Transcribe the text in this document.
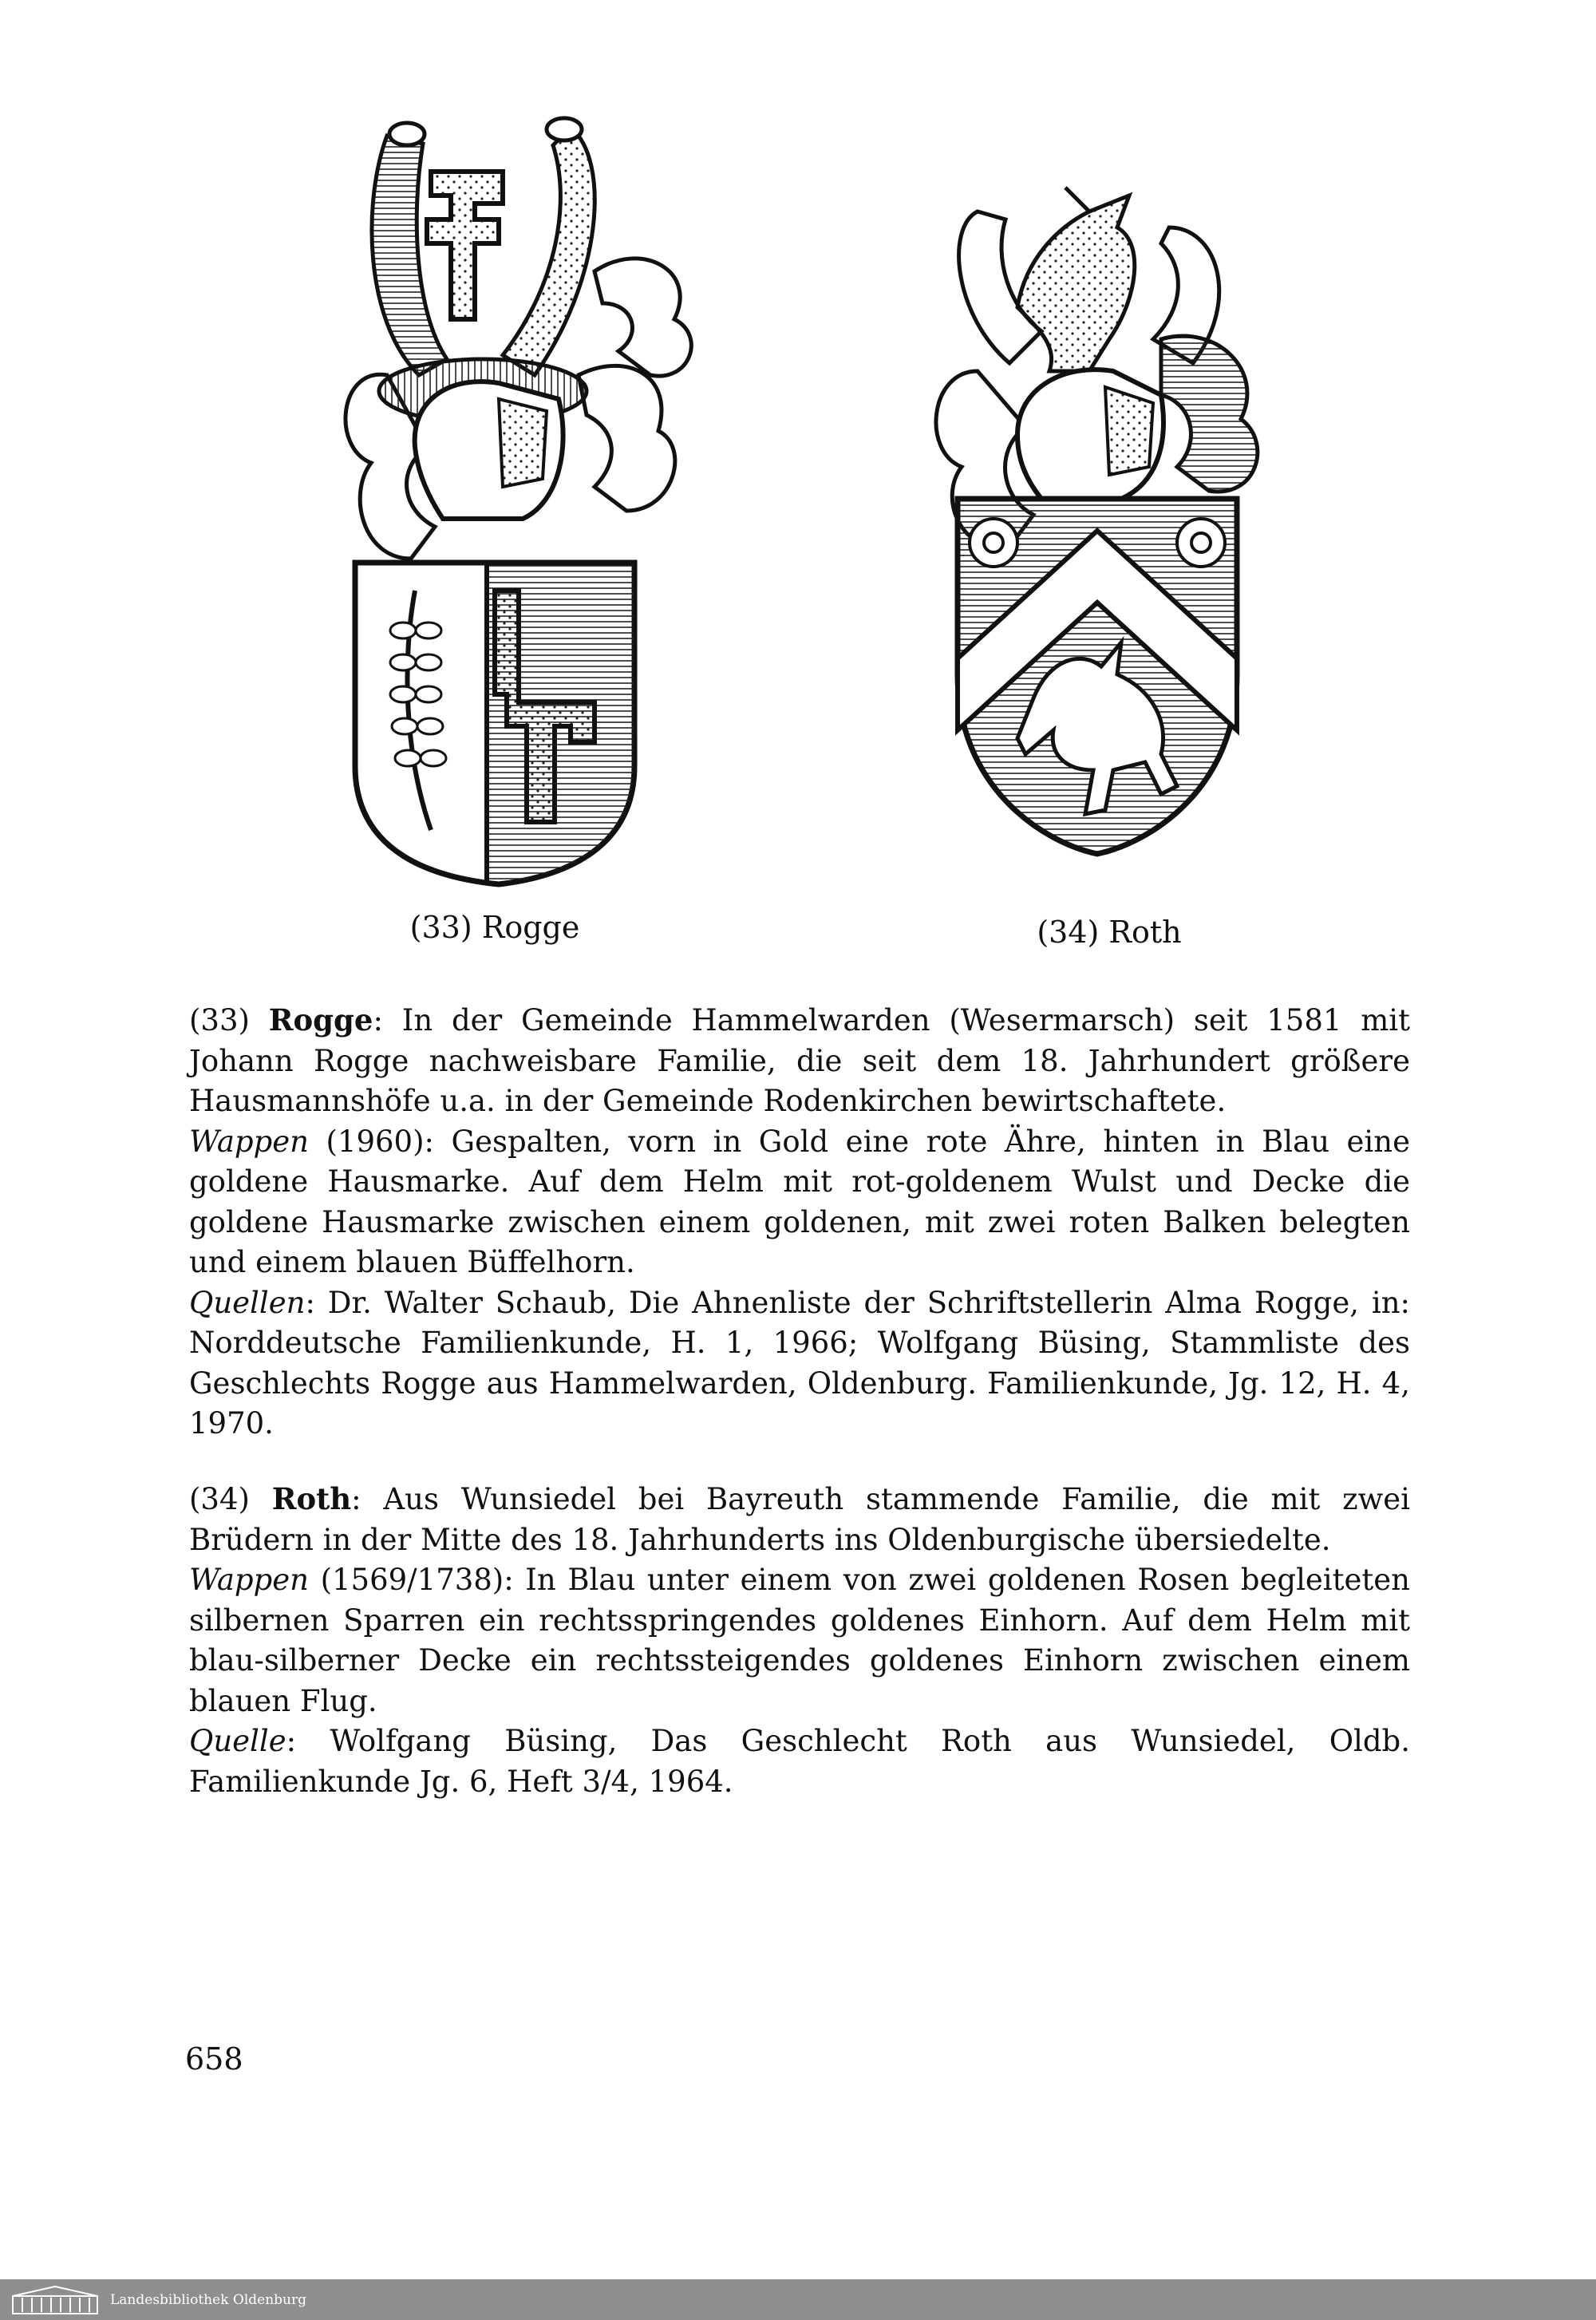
(33) Rogge	(34) Roth

(33) Rogge: In der Gemeinde Hammelwarden (Wesermarsch) seit 1581 mit Johann Rogge nachweisbare Familie, die seit dem 18. Jahrhundert größere Hausmannshöfe u.a. in der Gemeinde Rodenkirchen bewirtschaftete.

Wappen (1960): Gespalten, vorn in Gold eine rote Ähre, hinten in Blau eine goldene Hausmarke. Auf dem Helm mit rot-goldenem Wulst und Decke die goldene Hausmarke zwischen einem goldenen, mit zwei roten Balken belegten und einem blauen Büffelhorn.

Quellen: Dr. Walter Schaub, Die Ahnenliste der Schriftstellerin Alma Rogge, in: Norddeutsche Familienkunde, H. 1, 1966; Wolfgang Büsing, Stammliste des Geschlechts Rogge aus Hammelwarden, Oldenburg. Familienkunde, Jg. 12, H. 4, 1970.

(34) Roth: Aus Wunsiedel bei Bayreuth stammende Familie, die mit zwei Brüdern in der Mitte des 18. Jahrhunderts ins Oldenburgische übersiedelte.

Wappen (1569/1738): In Blau unter einem von zwei goldenen Rosen begleiteten silbernen Sparren ein rechtsspringendes goldenes Einhorn. Auf dem Helm mit blau-silberner Decke ein rechtssteigendes goldenes Einhorn zwischen einem blauen Flug.

Quelle: Wolfgang Büsing, Das Geschlecht Roth aus Wunsiedel, Oldb. Familienkunde Jg. 6, Heft 3/4, 1964.

658
Landesbibliothek Oldenburg
